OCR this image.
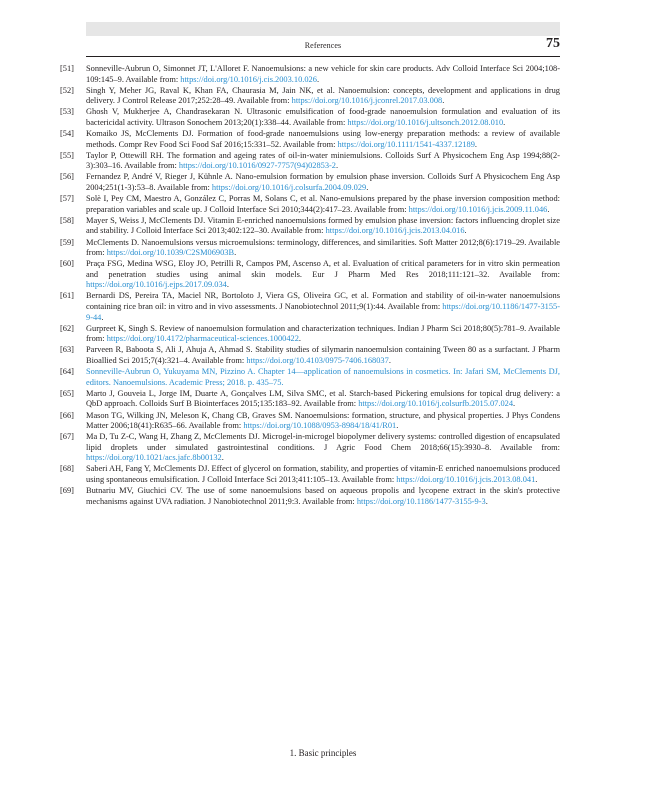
References	75
[51]	Sonneville-Aubrun O, Simonnet JT, L'Alloret F. Nanoemulsions: a new vehicle for skin care products. Adv Colloid Interface Sci 2004;108-109:145–9. Available from: https://doi.org/10.1016/j.cis.2003.10.026.
[52]	Singh Y, Meher JG, Raval K, Khan FA, Chaurasia M, Jain NK, et al. Nanoemulsion: concepts, development and applications in drug delivery. J Control Release 2017;252:28–49. Available from: https://doi.org/10.1016/j.jconrel.2017.03.008.
[53]	Ghosh V, Mukherjee A, Chandrasekaran N. Ultrasonic emulsification of food-grade nanoemulsion formulation and evaluation of its bactericidal activity. Ultrason Sonochem 2013;20(1):338–44. Available from: https://doi.org/10.1016/j.ultsonch.2012.08.010.
[54]	Komaiko JS, McClements DJ. Formation of food-grade nanoemulsions using low-energy preparation methods: a review of available methods. Compr Rev Food Sci Food Saf 2016;15:331–52. Available from: https://doi.org/10.1111/1541-4337.12189.
[55]	Taylor P, Ottewill RH. The formation and ageing rates of oil-in-water miniemulsions. Colloids Surf A Physicochem Eng Asp 1994;88(2-3):303–16. Available from: https://doi.org/10.1016/0927-7757(94)02853-2.
[56]	Fernandez P, André V, Rieger J, Kühnle A. Nano-emulsion formation by emulsion phase inversion. Colloids Surf A Physicochem Eng Asp 2004;251(1-3):53–8. Available from: https://doi.org/10.1016/j.colsurfa.2004.09.029.
[57]	Solè I, Pey CM, Maestro A, González C, Porras M, Solans C, et al. Nano-emulsions prepared by the phase inversion composition method: preparation variables and scale up. J Colloid Interface Sci 2010;344(2):417–23. Available from: https://doi.org/10.1016/j.jcis.2009.11.046.
[58]	Mayer S, Weiss J, McClements DJ. Vitamin E-enriched nanoemulsions formed by emulsion phase inversion: factors influencing droplet size and stability. J Colloid Interface Sci 2013;402:122–30. Available from: https://doi.org/10.1016/j.jcis.2013.04.016.
[59]	McClements D. Nanoemulsions versus microemulsions: terminology, differences, and similarities. Soft Matter 2012;8(6):1719–29. Available from: https://doi.org/10.1039/C2SM06903B.
[60]	Praça FSG, Medina WSG, Eloy JO, Petrilli R, Campos PM, Ascenso A, et al. Evaluation of critical parameters for in vitro skin permeation and penetration studies using animal skin models. Eur J Pharm Med Res 2018;111:121–32. Available from: https://doi.org/10.1016/j.ejps.2017.09.034.
[61]	Bernardi DS, Pereira TA, Maciel NR, Bortoloto J, Viera GS, Oliveira GC, et al. Formation and stability of oil-in-water nanoemulsions containing rice bran oil: in vitro and in vivo assessments. J Nanobiotechnol 2011;9(1):44. Available from: https://doi.org/10.1186/1477-3155-9-44.
[62]	Gurpreet K, Singh S. Review of nanoemulsion formulation and characterization techniques. Indian J Pharm Sci 2018;80(5):781–9. Available from: https://doi.org/10.4172/pharmaceutical-sciences.1000422.
[63]	Parveen R, Baboota S, Ali J, Ahuja A, Ahmad S. Stability studies of silymarin nanoemulsion containing Tween 80 as a surfactant. J Pharm Bioallied Sci 2015;7(4):321–4. Available from: https://doi.org/10.4103/0975-7406.168037.
[64]	Sonneville-Aubrun O, Yukuyama MN, Pizzino A. Chapter 14—application of nanoemulsions in cosmetics. In: Jafari SM, McClements DJ, editors. Nanoemulsions. Academic Press; 2018. p. 435–75.
[65]	Marto J, Gouveia L, Jorge IM, Duarte A, Gonçalves LM, Silva SMC, et al. Starch-based Pickering emulsions for topical drug delivery: a QbD approach. Colloids Surf B Biointerfaces 2015;135:183–92. Available from: https://doi.org/10.1016/j.colsurfb.2015.07.024.
[66]	Mason TG, Wilking JN, Meleson K, Chang CB, Graves SM. Nanoemulsions: formation, structure, and physical properties. J Phys Condens Matter 2006;18(41):R635–66. Available from: https://doi.org/10.1088/0953-8984/18/41/R01.
[67]	Ma D, Tu Z-C, Wang H, Zhang Z, McClements DJ. Microgel-in-microgel biopolymer delivery systems: controlled digestion of encapsulated lipid droplets under simulated gastrointestinal conditions. J Agric Food Chem 2018;66(15):3930–8. Available from: https://doi.org/10.1021/acs.jafc.8b00132.
[68]	Saberi AH, Fang Y, McClements DJ. Effect of glycerol on formation, stability, and properties of vitamin-E enriched nanoemulsions produced using spontaneous emulsification. J Colloid Interface Sci 2013;411:105–13. Available from: https://doi.org/10.1016/j.jcis.2013.08.041.
[69]	Butnariu MV, Giuchici CV. The use of some nanoemulsions based on aqueous propolis and lycopene extract in the skin's protective mechanisms against UVA radiation. J Nanobiotechnol 2011;9:3. Available from: https://doi.org/10.1186/1477-3155-9-3.
1. Basic principles
